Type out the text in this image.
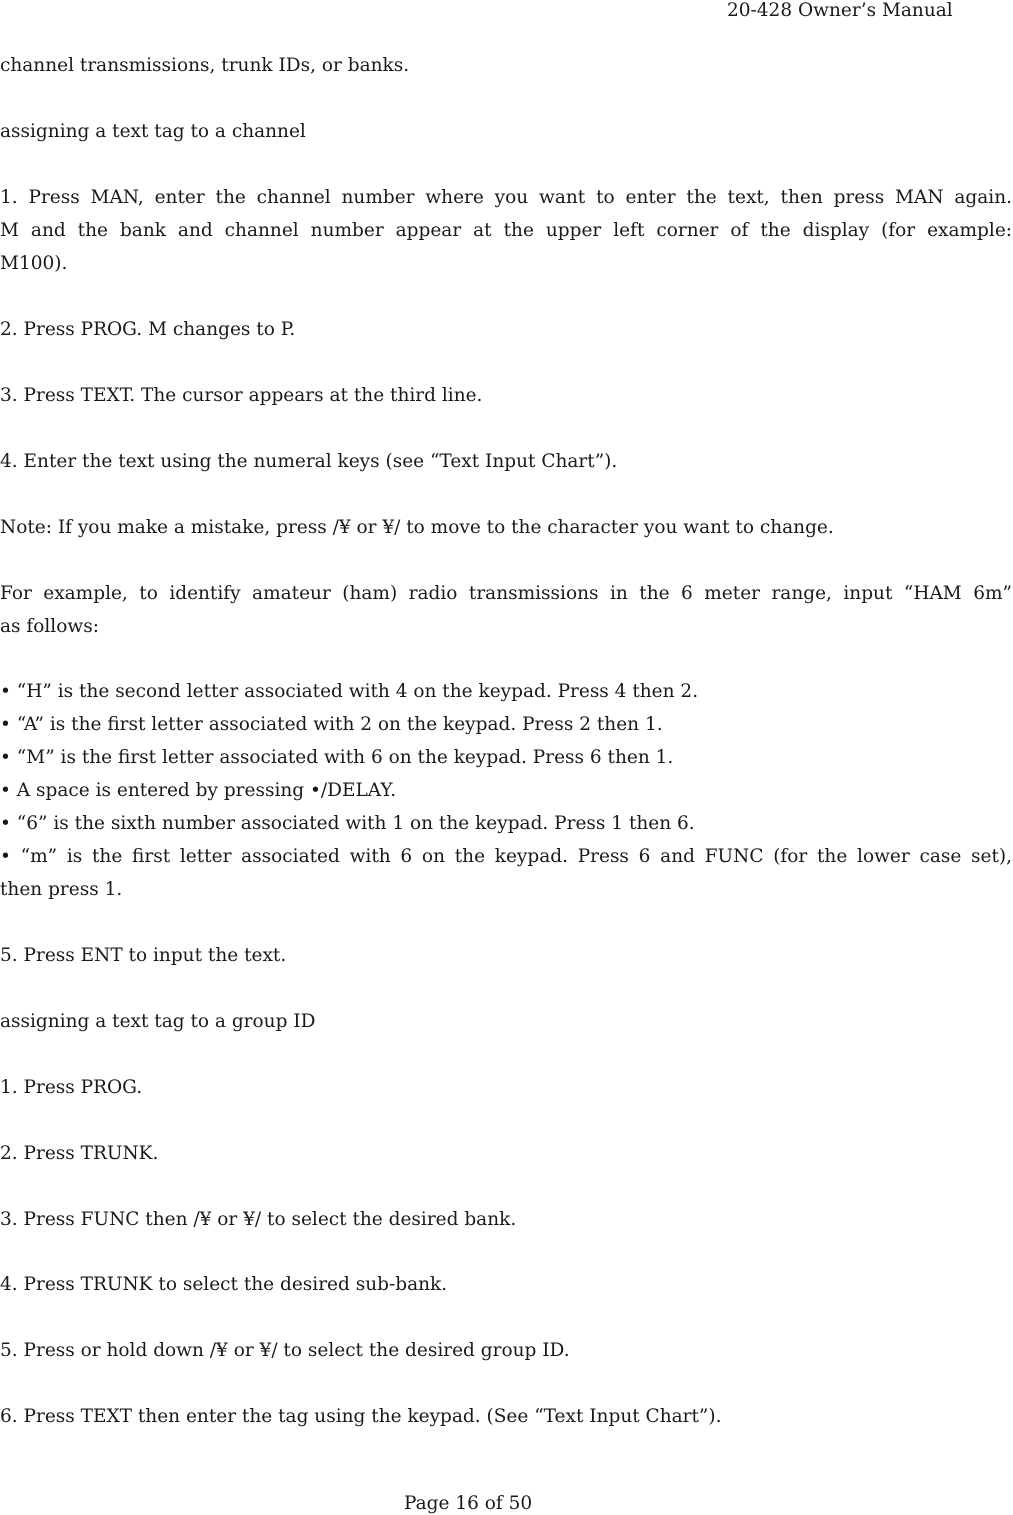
20-428 Owner’s Manual
channel transmissions, trunk IDs, or banks.
assigning a text tag to a channel
1. Press MAN, enter the channel number where you want to enter the text, then press MAN again.
M and the bank and channel number appear at the upper left corner of the display (for example:
M100).
2. Press PROG. M changes to P.
3. Press TEXT. The cursor appears at the third line.
4. Enter the text using the numeral keys (see “Text Input Chart”).
Note: If you make a mistake, press /¥ or ¥/ to move to the character you want to change.
For example, to identify amateur (ham) radio transmissions in the 6 meter range, input “HAM 6m”
as follows:
• “H” is the second letter associated with 4 on the keypad. Press 4 then 2.
• “A” is the first letter associated with 2 on the keypad. Press 2 then 1.
• “M” is the first letter associated with 6 on the keypad. Press 6 then 1.
• A space is entered by pressing •/DELAY.
• “6” is the sixth number associated with 1 on the keypad. Press 1 then 6.
• “m” is the first letter associated with 6 on the keypad. Press 6 and FUNC (for the lower case set),
then press 1.
5. Press ENT to input the text.
assigning a text tag to a group ID
1. Press PROG.
2. Press TRUNK.
3. Press FUNC then /¥ or ¥/ to select the desired bank.
4. Press TRUNK to select the desired sub-bank.
5. Press or hold down /¥ or ¥/ to select the desired group ID.
6. Press TEXT then enter the tag using the keypad. (See “Text Input Chart”).
Page 16 of 50
